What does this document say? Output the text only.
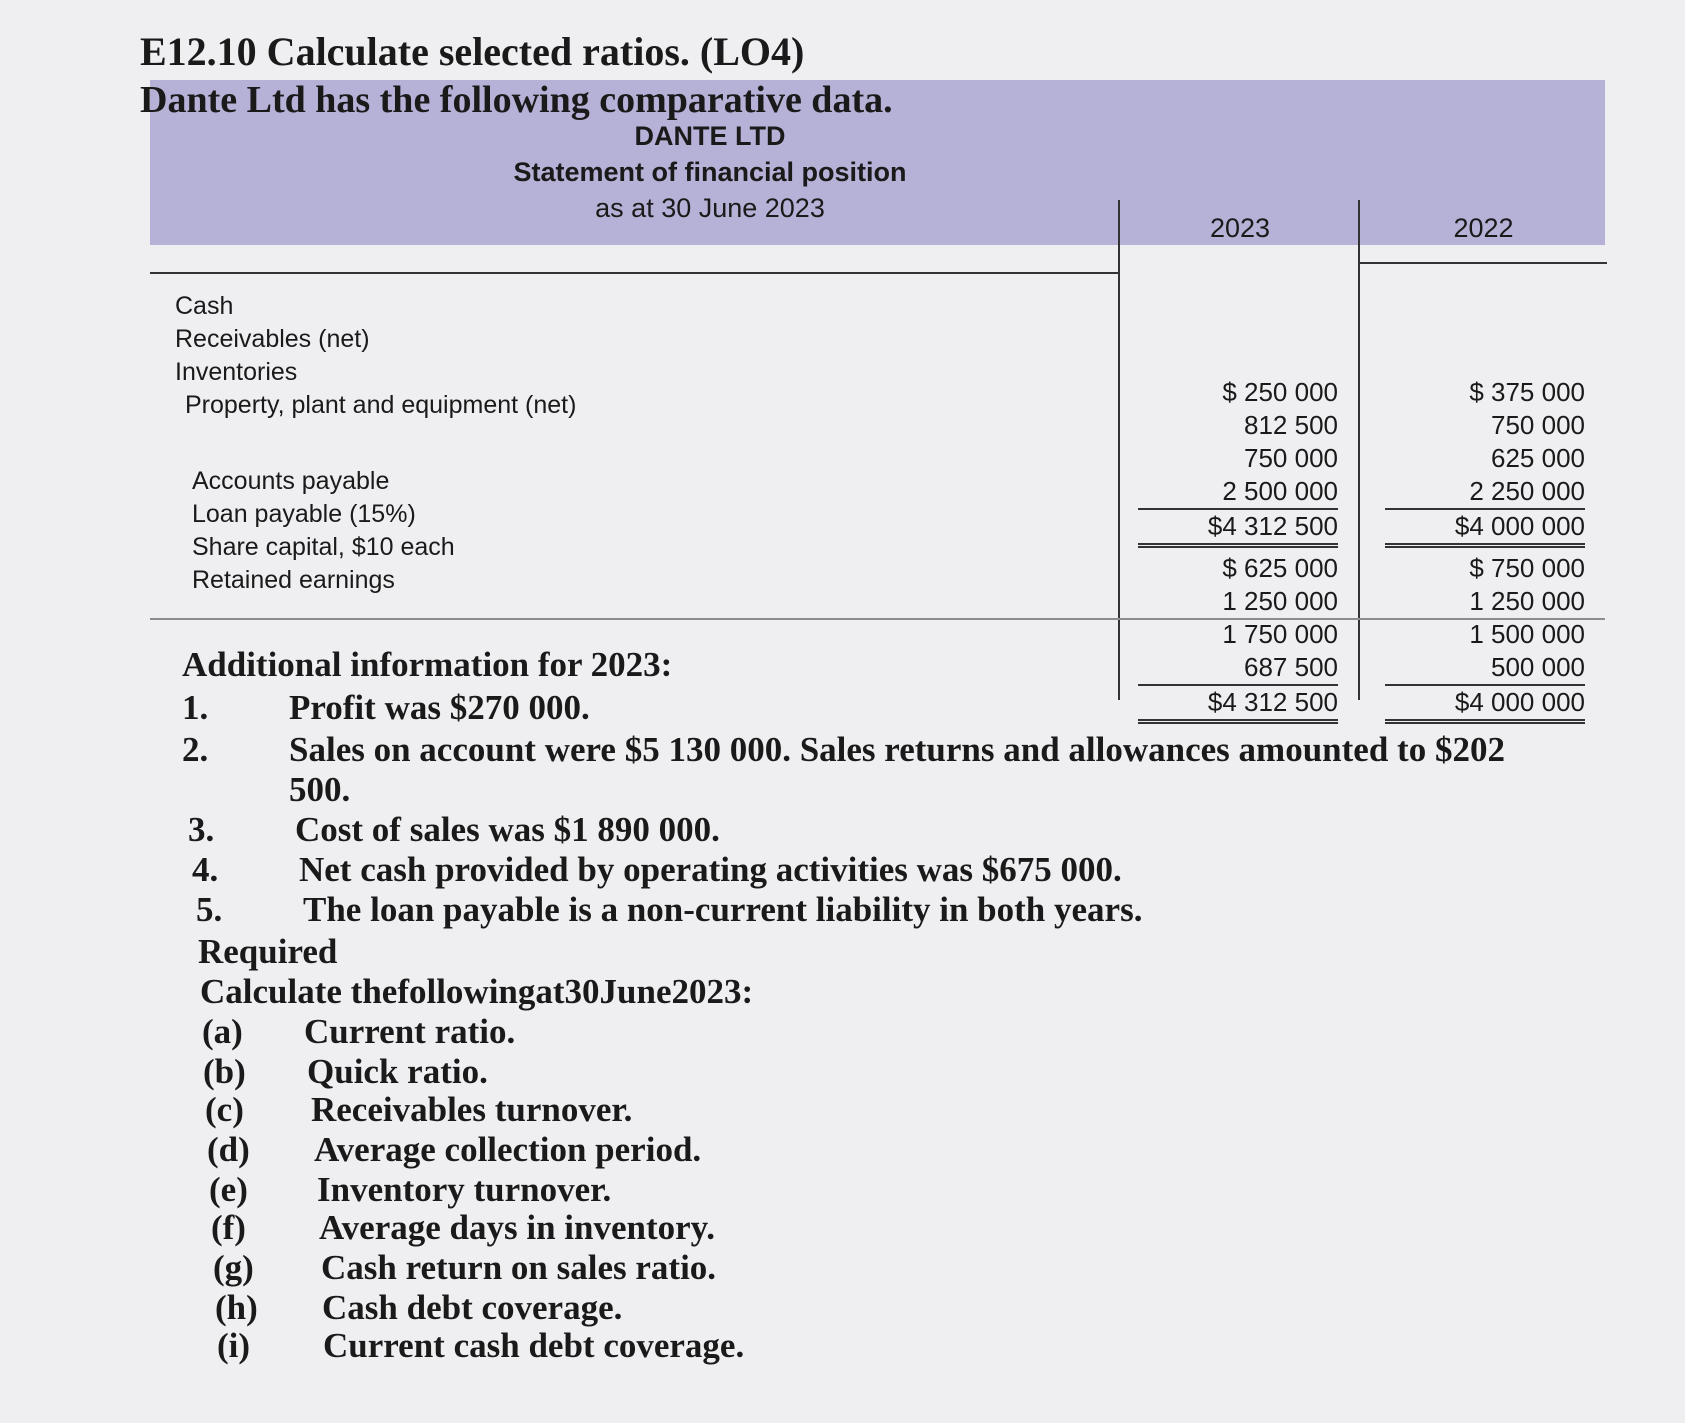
DANTE LTD
Statement of financial position
as at 30 June 2023
Cash
Receivables (net)
Inventories
Property, plant and equipment (net)
Accounts payable
Loan payable (15%)
Share capital, $10 each
Retained earnings
2023
$ 250 000
812 500
750 000
2 500 000
$4 312 500
$ 625 000
1 250 000
1 750 000
687 500
$4 312 500
2022
$ 375 000
750 000
625 000
2 250 000
$4 000 000
$ 750 000
1 250 000
1 500 000
500 000
$4 000 000
E12.10 Calculate selected ratios. (LO4)
Dante Ltd has the following comparative data.
Additional information for 2023:
1. Profit was $270 000.
2. Sales on account were $5 130 000. Sales returns and allowances amounted to $202
500.
3. Cost of sales was $1 890 000.
4. Net cash provided by operating activities was $675 000.
5. The loan payable is a non-current liability in both years.
Required
Calculate thefollowingat30June2023:
(a) Current ratio.
(b) Quick ratio.
(c) Receivables turnover.
(d) Average collection period.
(e) Inventory turnover.
(f) Average days in inventory.
(g) Cash return on sales ratio.
(h) Cash debt coverage.
(i) Current cash debt coverage.
